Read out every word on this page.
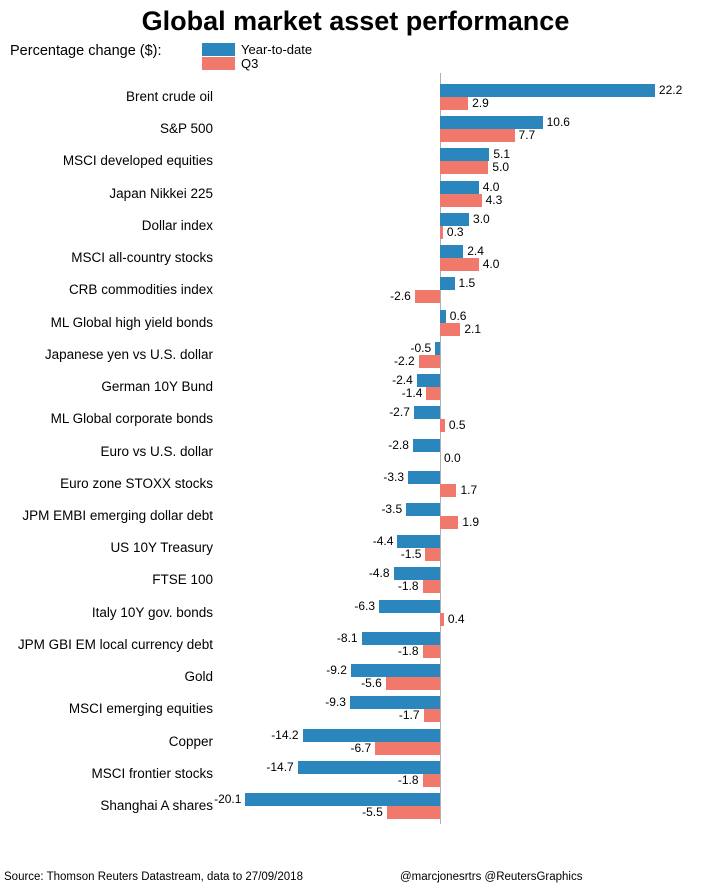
Global market asset performance
Percentage change ($):	Year-to-date
Q3
Brent crude oil	22.2
2.9
S&P 500	10.6
7.7
MSCI developed equities	5.1
5.0
Japan Nikkei 225	4.0
4.3
Dollar index	3.0
0.3
MSCI all-country stocks	2.4
4.0
CRB commodities index	1.5
-2.6
ML Global high yield bonds	0.6
2.1
Japanese yen vs U.S. dollar	-0.5
-2.2
German 10Y Bund	-2.4
-1.4
ML Global corporate bonds	-2.7
0.5
Euro vs U.S. dollar	-2.8
0.0
Euro zone STOXX stocks	-3.3
1.7
JPM EMBI emerging dollar debt	-3.5
1.9
US 10Y Treasury	-4.4
-1.5
FTSE 100	-4.8
-1.8
Italy 10Y gov. bonds	-6.3
0.4
JPM GBI EM local currency debt	-8.1
-1.8
Gold	-9.2
-5.6
MSCI emerging equities	-9.3
-1.7
Copper	-14.2
-6.7
MSCI frontier stocks	-14.7
-1.8
Shanghai A shares -20.1
-5.5
Source: Thomson Reuters Datastream, data to 27/09/2018	@marcjonesrtrs @ReutersGraphics
